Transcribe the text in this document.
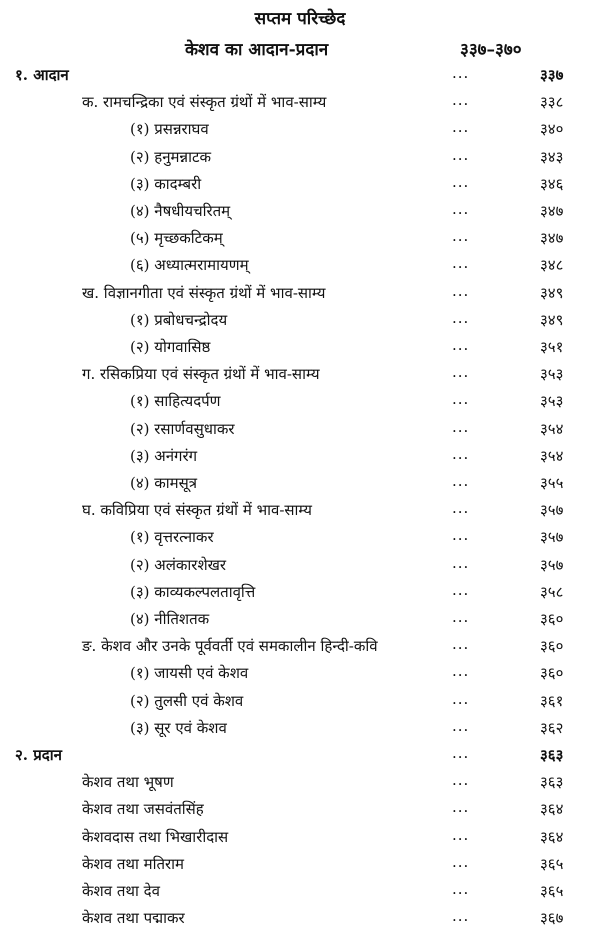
सप्तम परिच्छेद
केशव का आदान-प्रदान	३३७–३७०
१. आदान	...	३३७
क. रामचन्द्रिका एवं संस्कृत ग्रंथों में भाव-साम्य	...	३३८
(१) प्रसन्नराघव	...	३४०
(२) हनुमन्नाटक	...	३४३
(३) कादम्बरी	...	३४६
(४) नैषधीयचरितम्	...	३४७
(५) मृच्छकटिकम्	...	३४७
(६) अध्यात्मरामायणम्	...	३४८
ख. विज्ञानगीता एवं संस्कृत ग्रंथों में भाव-साम्य	...	३४९
(१) प्रबोधचन्द्रोदय	...	३४९
(२) योगवासिष्ठ	...	३५१
ग. रसिकप्रिया एवं संस्कृत ग्रंथों में भाव-साम्य	...	३५३
(१) साहित्यदर्पण	...	३५३
(२) रसार्णवसुधाकर	...	३५४
(३) अनंगरंग	...	३५४
(४) कामसूत्र	...	३५५
घ. कविप्रिया एवं संस्कृत ग्रंथों में भाव-साम्य	...	३५७
(१) वृत्तरत्नाकर	...	३५७
(२) अलंकारशेखर	...	३५७
(३) काव्यकल्पलतावृत्ति	...	३५८
(४) नीतिशतक	...	३६०
ङ. केशव और उनके पूर्ववर्ती एवं समकालीन हिन्दी-कवि	...	३६०
(१) जायसी एवं केशव	...	३६०
(२) तुलसी एवं केशव	...	३६१
(३) सूर एवं केशव	...	३६२
२. प्रदान	...	३६३
केशव तथा भूषण	...	३६३
केशव तथा जसवंतसिंह	...	३६४
केशवदास तथा भिखारीदास	...	३६४
केशव तथा मतिराम	...	३६५
केशव तथा देव	...	३६५
केशव तथा पद्माकर	...	३६७
